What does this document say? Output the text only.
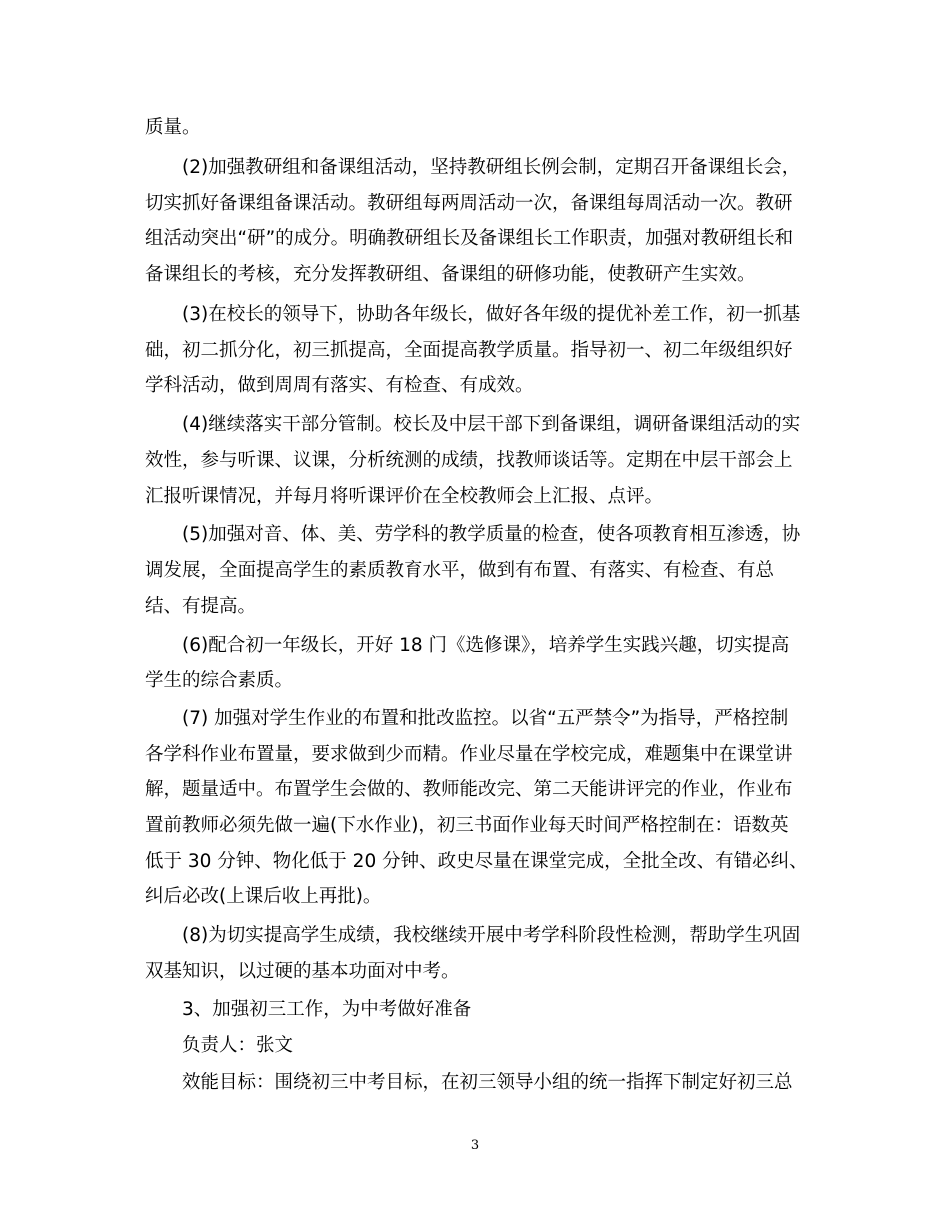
质量。
(2)加强教研组和备课组活动，坚持教研组长例会制，定期召开备课组长会，
切实抓好备课组备课活动。教研组每两周活动一次，备课组每周活动一次。教研
组活动突出“研”的成分。明确教研组长及备课组长工作职责，加强对教研组长和
备课组长的考核，充分发挥教研组、备课组的研修功能，使教研产生实效。
(3)在校长的领导下，协助各年级长，做好各年级的提优补差工作，初一抓基
础，初二抓分化，初三抓提高，全面提高教学质量。指导初一、初二年级组织好
学科活动，做到周周有落实、有检查、有成效。
(4)继续落实干部分管制。校长及中层干部下到备课组，调研备课组活动的实
效性，参与听课、议课，分析统测的成绩，找教师谈话等。定期在中层干部会上
汇报听课情况，并每月将听课评价在全校教师会上汇报、点评。
(5)加强对音、体、美、劳学科的教学质量的检查，使各项教育相互渗透，协
调发展，全面提高学生的素质教育水平，做到有布置、有落实、有检查、有总
结、有提高。
(6)配合初一年级长，开好 18 门《选修课》，培养学生实践兴趣，切实提高
学生的综合素质。
(7) 加强对学生作业的布置和批改监控。以省“五严禁令”为指导，严格控制
各学科作业布置量，要求做到少而精。作业尽量在学校完成，难题集中在课堂讲
解，题量适中。布置学生会做的、教师能改完、第二天能讲评完的作业，作业布
置前教师必须先做一遍(下水作业)，初三书面作业每天时间严格控制在：语数英
低于 30 分钟、物化低于 20 分钟、政史尽量在课堂完成，全批全改、有错必纠、
纠后必改(上课后收上再批)。
(8)为切实提高学生成绩，我校继续开展中考学科阶段性检测，帮助学生巩固
双基知识，以过硬的基本功面对中考。
3、加强初三工作，为中考做好准备
负责人：张文
效能目标：围绕初三中考目标，在初三领导小组的统一指挥下制定好初三总
3
